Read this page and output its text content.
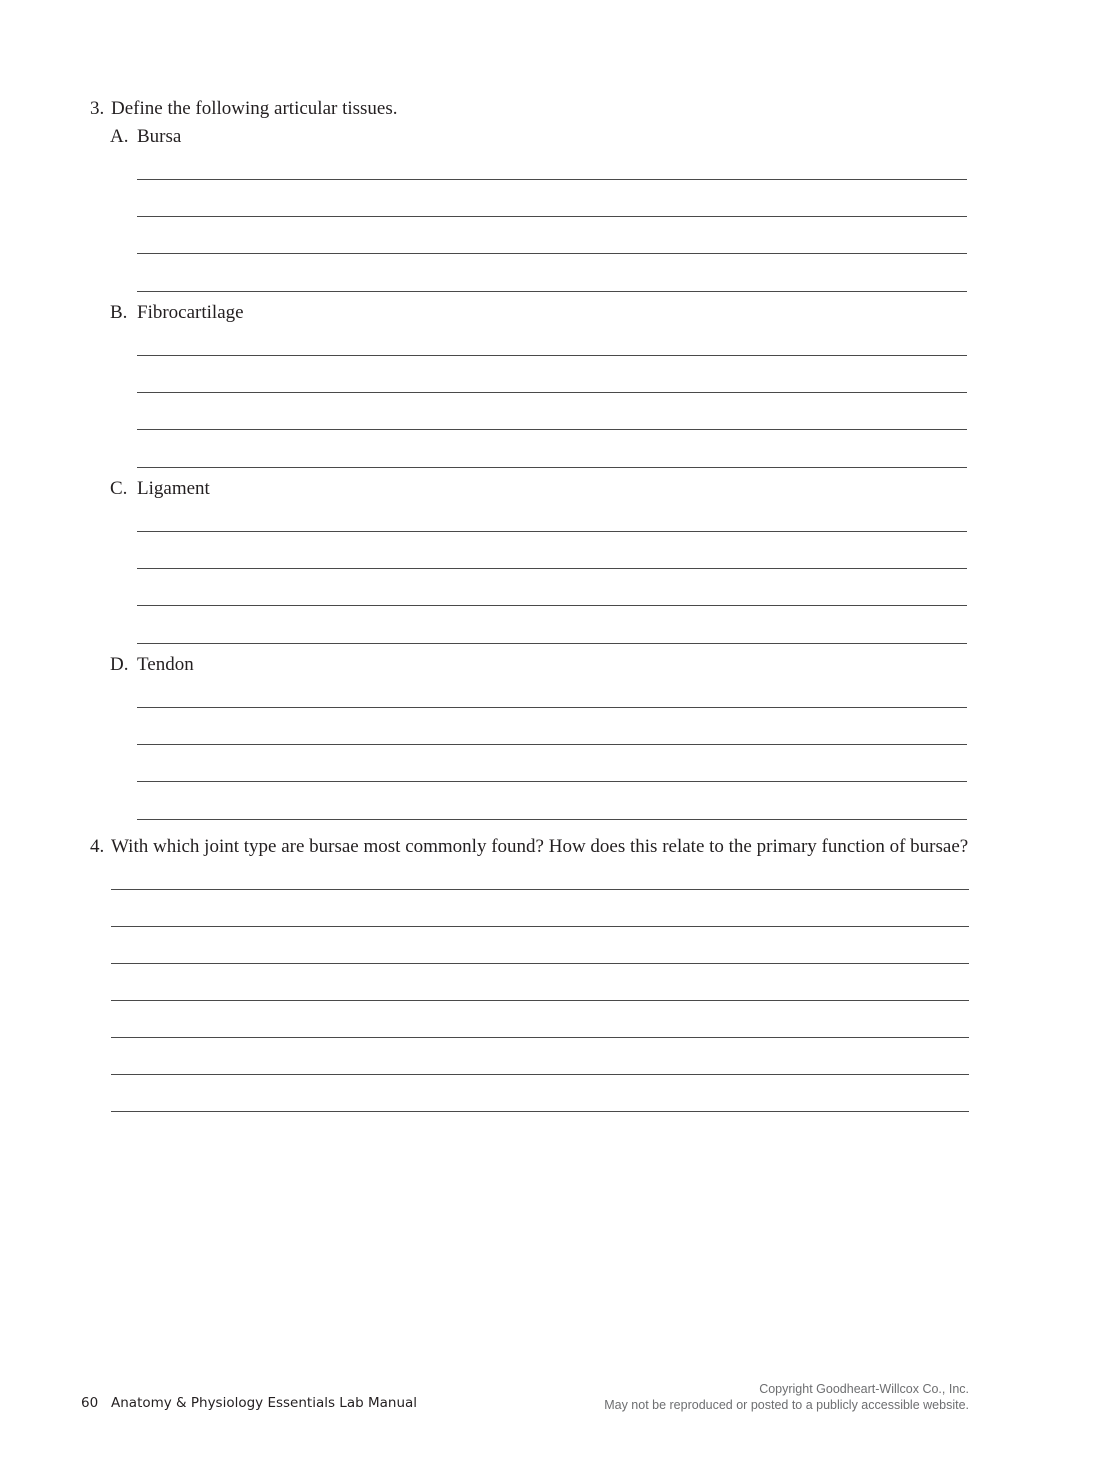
3. Define the following articular tissues.
A. Bursa
B. Fibrocartilage
C. Ligament
D. Tendon
4. With which joint type are bursae most commonly found? How does this relate to the primary function of bursae?
60 Anatomy & Physiology Essentials Lab Manual
Copyright Goodheart-Willcox Co., Inc.
May not be reproduced or posted to a publicly accessible website.
